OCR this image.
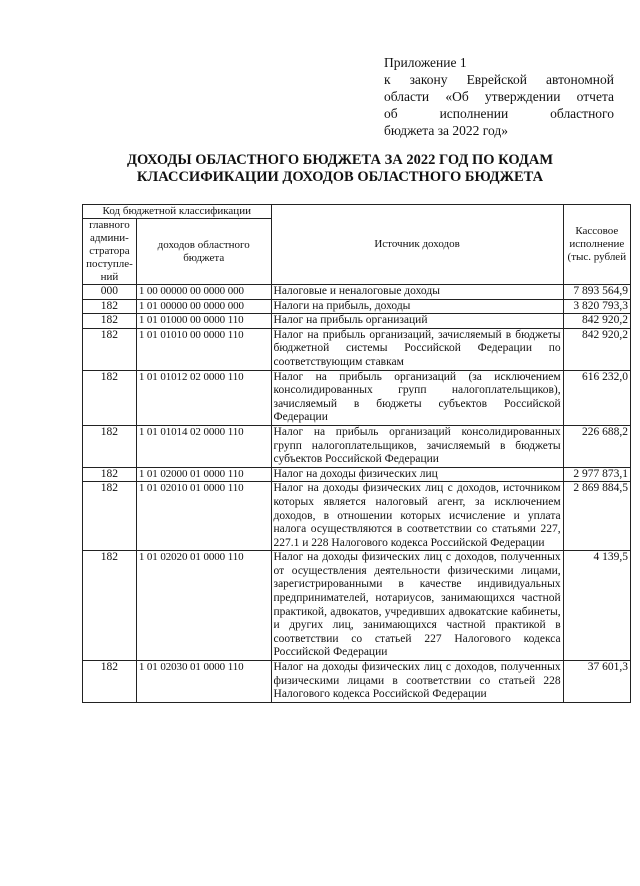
Приложение 1
к закону Еврейской автономной
области «Об утверждении отчета
об исполнении областного
бюджета за 2022 год»
ДОХОДЫ ОБЛАСТНОГО БЮДЖЕТА ЗА 2022 ГОД ПО КОДАМ
КЛАССИФИКАЦИИ ДОХОДОВ ОБЛАСТНОГО БЮДЖЕТА
Код бюджетной классификации		Источник доходов	Кассовое исполнение (тыс. рублей
главного админи-стратора поступле-ний	доходов областного бюджета		
000	1 00 00000 00 0000 000	Налоговые и неналоговые доходы	7 893 564,9
182	1 01 00000 00 0000 000	Налоги на прибыль, доходы	3 820 793,3
182	1 01 01000 00 0000 110	Налог на прибыль организаций	842 920,2
182	1 01 01010 00 0000 110	Налог на прибыль организаций, зачисляемый в бюджеты бюджетной системы Российской Федерации по соответствующим ставкам	842 920,2
182	1 01 01012 02 0000 110	Налог на прибыль организаций (за исключением консолидированных групп налогоплательщиков), зачисляемый в бюджеты субъектов Российской Федерации	616 232,0
182	1 01 01014 02 0000 110	Налог на прибыль организаций консолидированных групп налогоплательщиков, зачисляемый в бюджеты субъектов Российской Федерации	226 688,2
182	1 01 02000 01 0000 110	Налог на доходы физических лиц	2 977 873,1
182	1 01 02010 01 0000 110	Налог на доходы физических лиц с доходов, источником которых является налоговый агент, за исключением доходов, в отношении которых исчисление и уплата налога осуществляются в соответствии со статьями 227, 227.1 и 228 Налогового кодекса Российской Федерации	2 869 884,5
182	1 01 02020 01 0000 110	Налог на доходы физических лиц с доходов, полученных от осуществления деятельности физическими лицами, зарегистрированными в качестве индивидуальных предпринимателей, нотариусов, занимающихся частной практикой, адвокатов, учредивших адвокатские кабинеты, и других лиц, занимающихся частной практикой в соответствии со статьей 227 Налогового кодекса Российской Федерации	4 139,5
182	1 01 02030 01 0000 110	Налог на доходы физических лиц с доходов, полученных физическими лицами в соответствии со статьей 228 Налогового кодекса Российской Федерации	37 601,3
